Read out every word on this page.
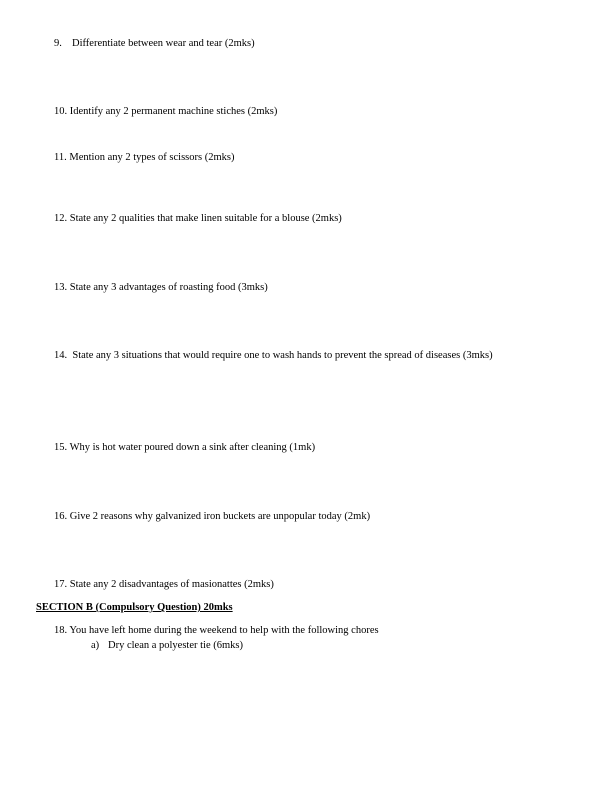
9. Differentiate between wear and tear (2mks)
10. Identify any 2 permanent machine stiches (2mks)
11. Mention any 2 types of scissors (2mks)
12. State any 2 qualities that make linen suitable for a blouse (2mks)
13. State any 3 advantages of roasting food (3mks)
14. State any 3 situations that would require one to wash hands to prevent the spread of diseases (3mks)
15. Why is hot water poured down a sink after cleaning (1mk)
16. Give 2 reasons why galvanized iron buckets are unpopular today (2mk)
17. State any 2 disadvantages of masionattes (2mks)
SECTION B (Compulsory Question) 20mks
18. You have left home during the weekend to help with the following chores
a) Dry clean a polyester tie (6mks)
